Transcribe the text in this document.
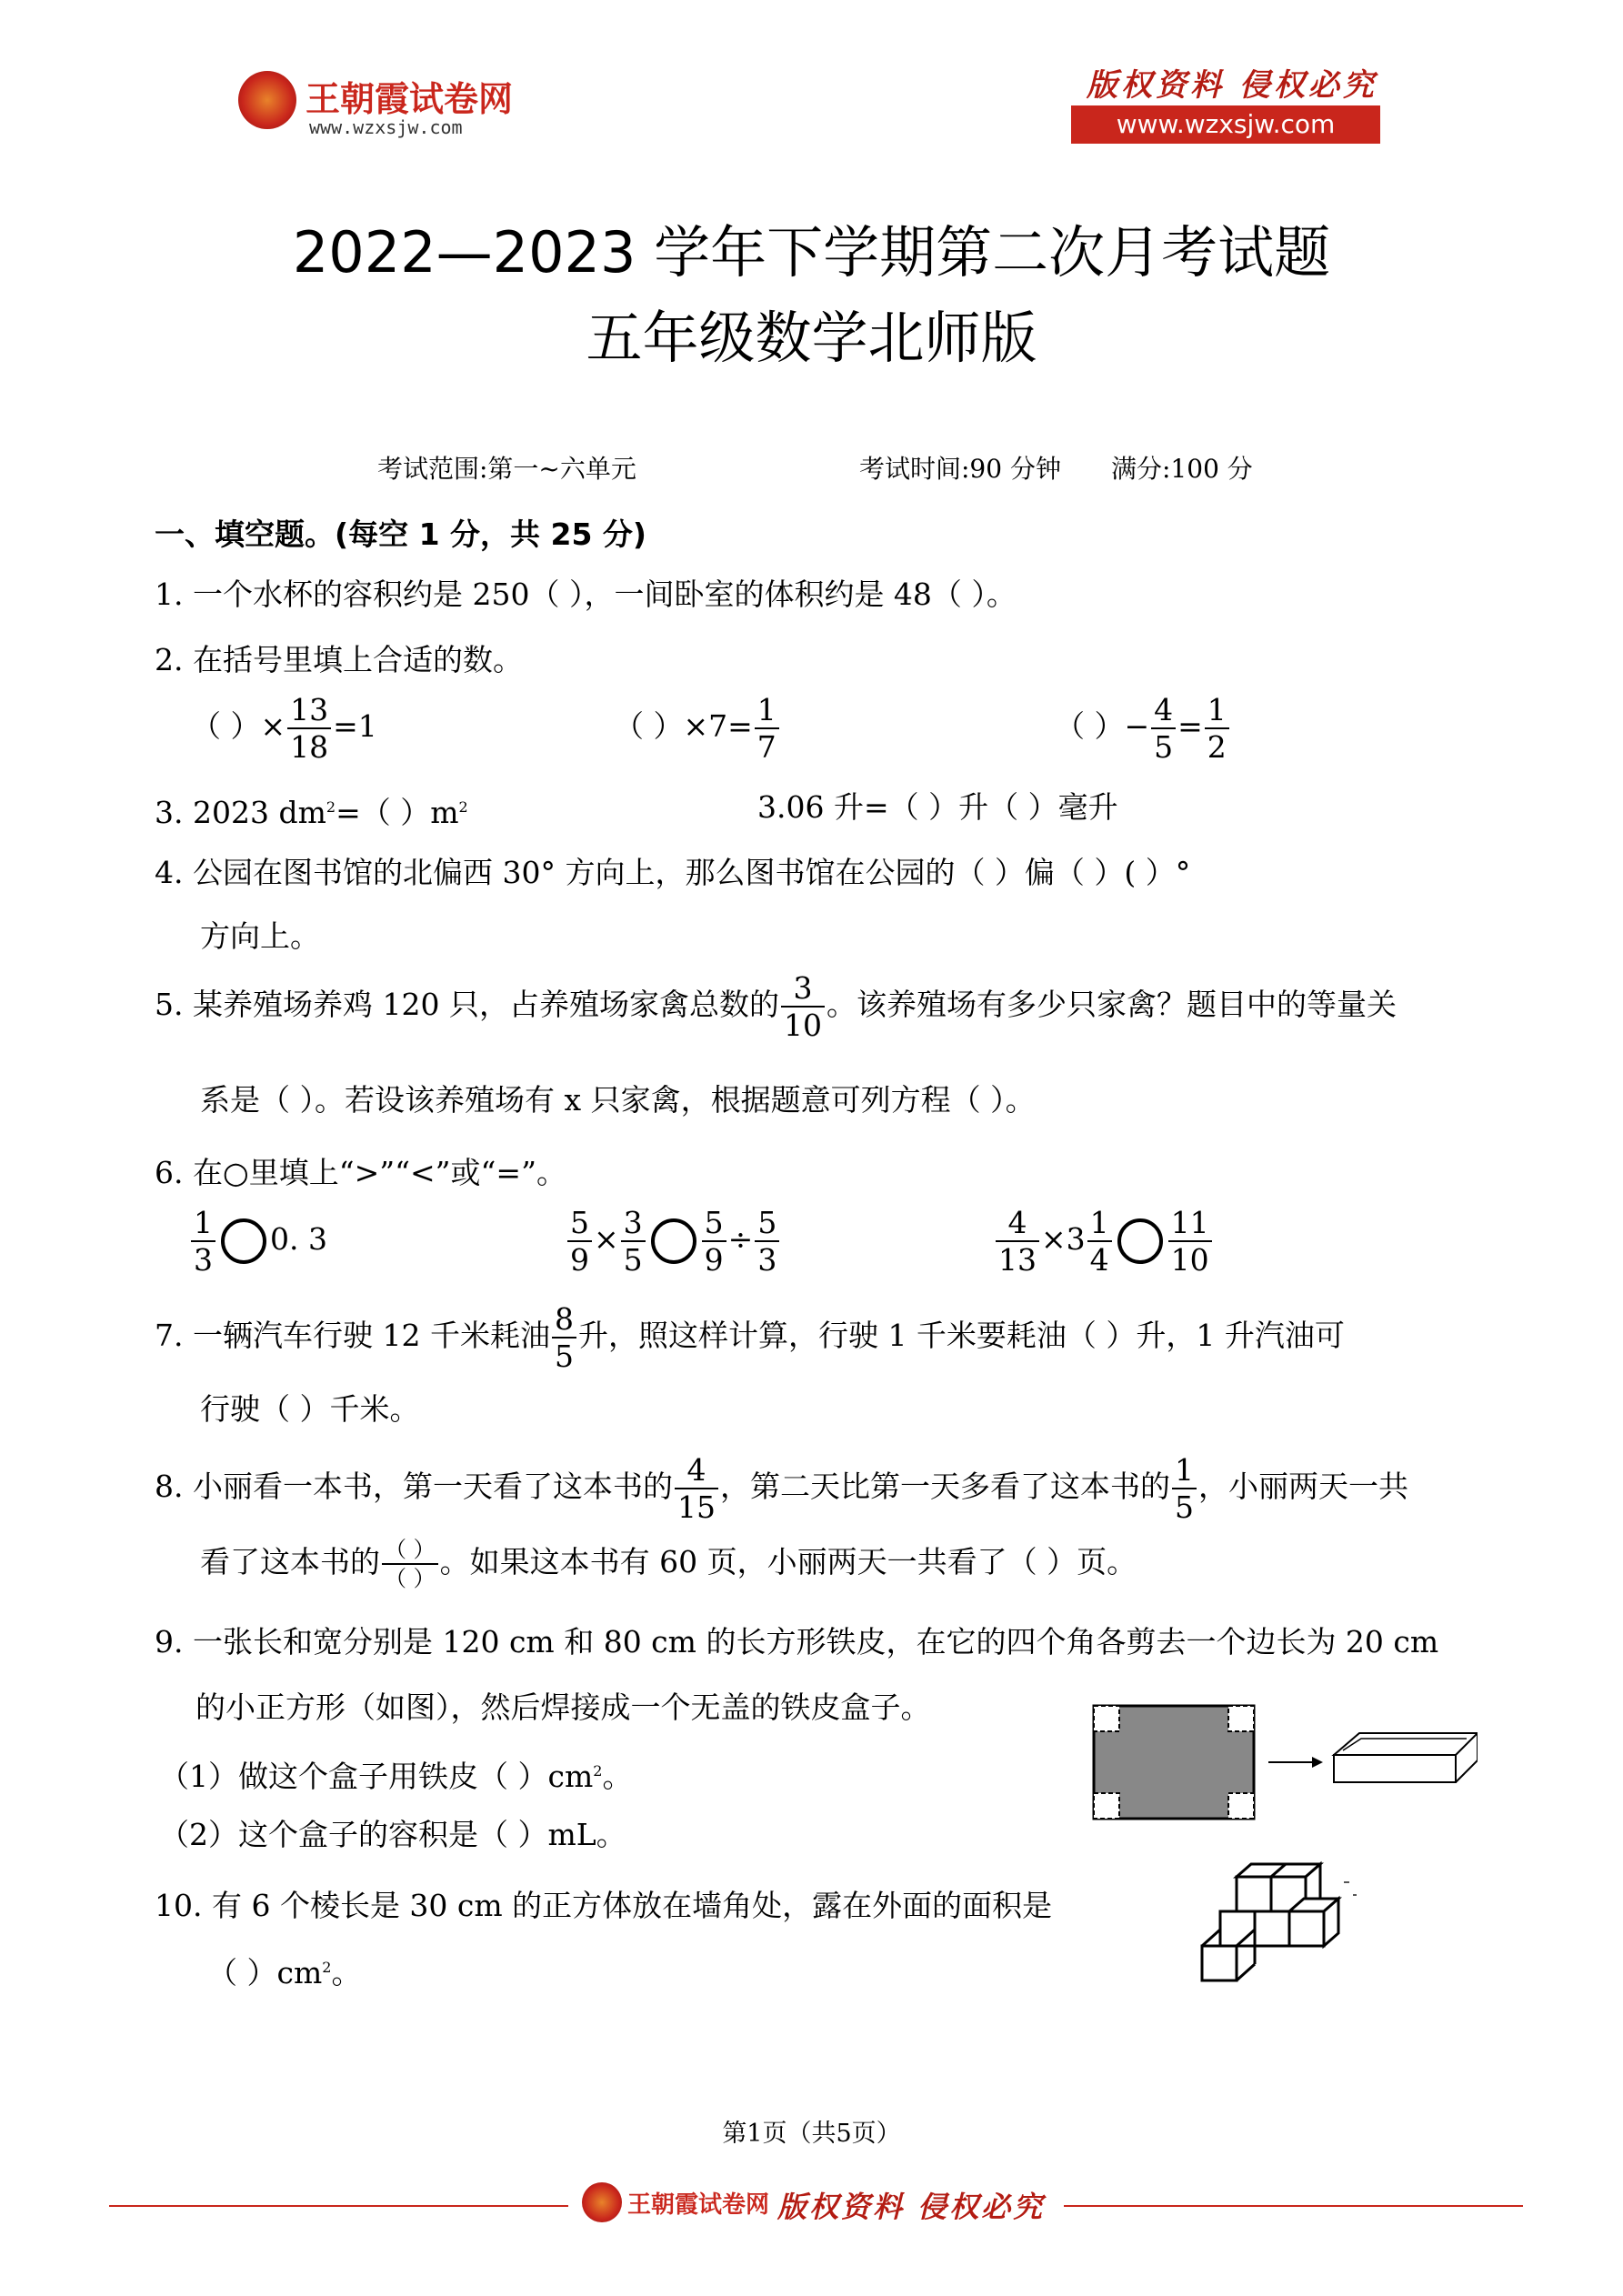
王朝霞试卷网
www.wzxsjw.com
版权资料 侵权必究
www.wzxsjw.com
2022—2023 学年下学期第二次月考试题
五年级数学北师版
考试范围:第一~六单元	考试时间:90 分钟 满分:100 分
一、填空题。(每空 1 分，共 25 分)
1. 一个水杯的容积约是 250（ ），一间卧室的体积约是 48（ ）。
2. 在括号里填上合适的数。
（ ）× $\frac{13}{18} =1$	（ ）$\times 7= \frac{1}{7}$	（ ）− $\frac{4}{5} = \frac{1}{2}$
3. 2023 $dm^2=$（ ）$m^2$	3.06 升=（ ）升（ ）毫升
4. 公园在图书馆的北偏西 30° 方向上，那么图书馆在公园的（ ）偏（ ）( ）°
方向上。
5. 某养殖场养鸡 120 只，占养殖场家禽总数的 $\frac{3}{10}$ 。该养殖场有多少只家禽？题目中的等量关
系是（ ）。若设该养殖场有 x 只家禽，根据题意可列方程（ ）。
6. 在○里填上“>”“<”或“=”。
$\frac{1}{3} 0$. 3	$\frac{5}{9} \times \frac{3}{5} \frac{5}{9} \div \frac{5}{3}$	$\frac{4}{13} \times 3 \frac{1}{4} \frac{11}{10}$
7. 一辆汽车行驶 12 千米耗油 $\frac{8}{5}$ 升，照这样计算，行驶 1 千米要耗油（ ）升，1 升汽油可
行驶（ ）千米。
8. 小丽看一本书，第一天看了这本书的 $\frac{4}{15}$ ，第二天比第一天多看了这本书的 $\frac{1}{5}$ ，小丽两天一共
看了这本书的 $\frac{( )}{( )}$ 。如果这本书有 60 页，小丽两天一共看了（ ）页。
9. 一张长和宽分别是 120 cm 和 80 cm 的长方形铁皮，在它的四个角各剪去一个边长为 20 cm
的小正方形（如图），然后焊接成一个无盖的铁皮盒子。
（1）做这个盒子用铁皮（ ）$cm^2$。
（2）这个盒子的容积是（ ）mL。
10. 有 6 个棱长是 30 cm 的正方体放在墙角处，露在外面的面积是
（ ）$cm^2$。
第1页（共5页）
王朝霞试卷网 版权资料 侵权必究
